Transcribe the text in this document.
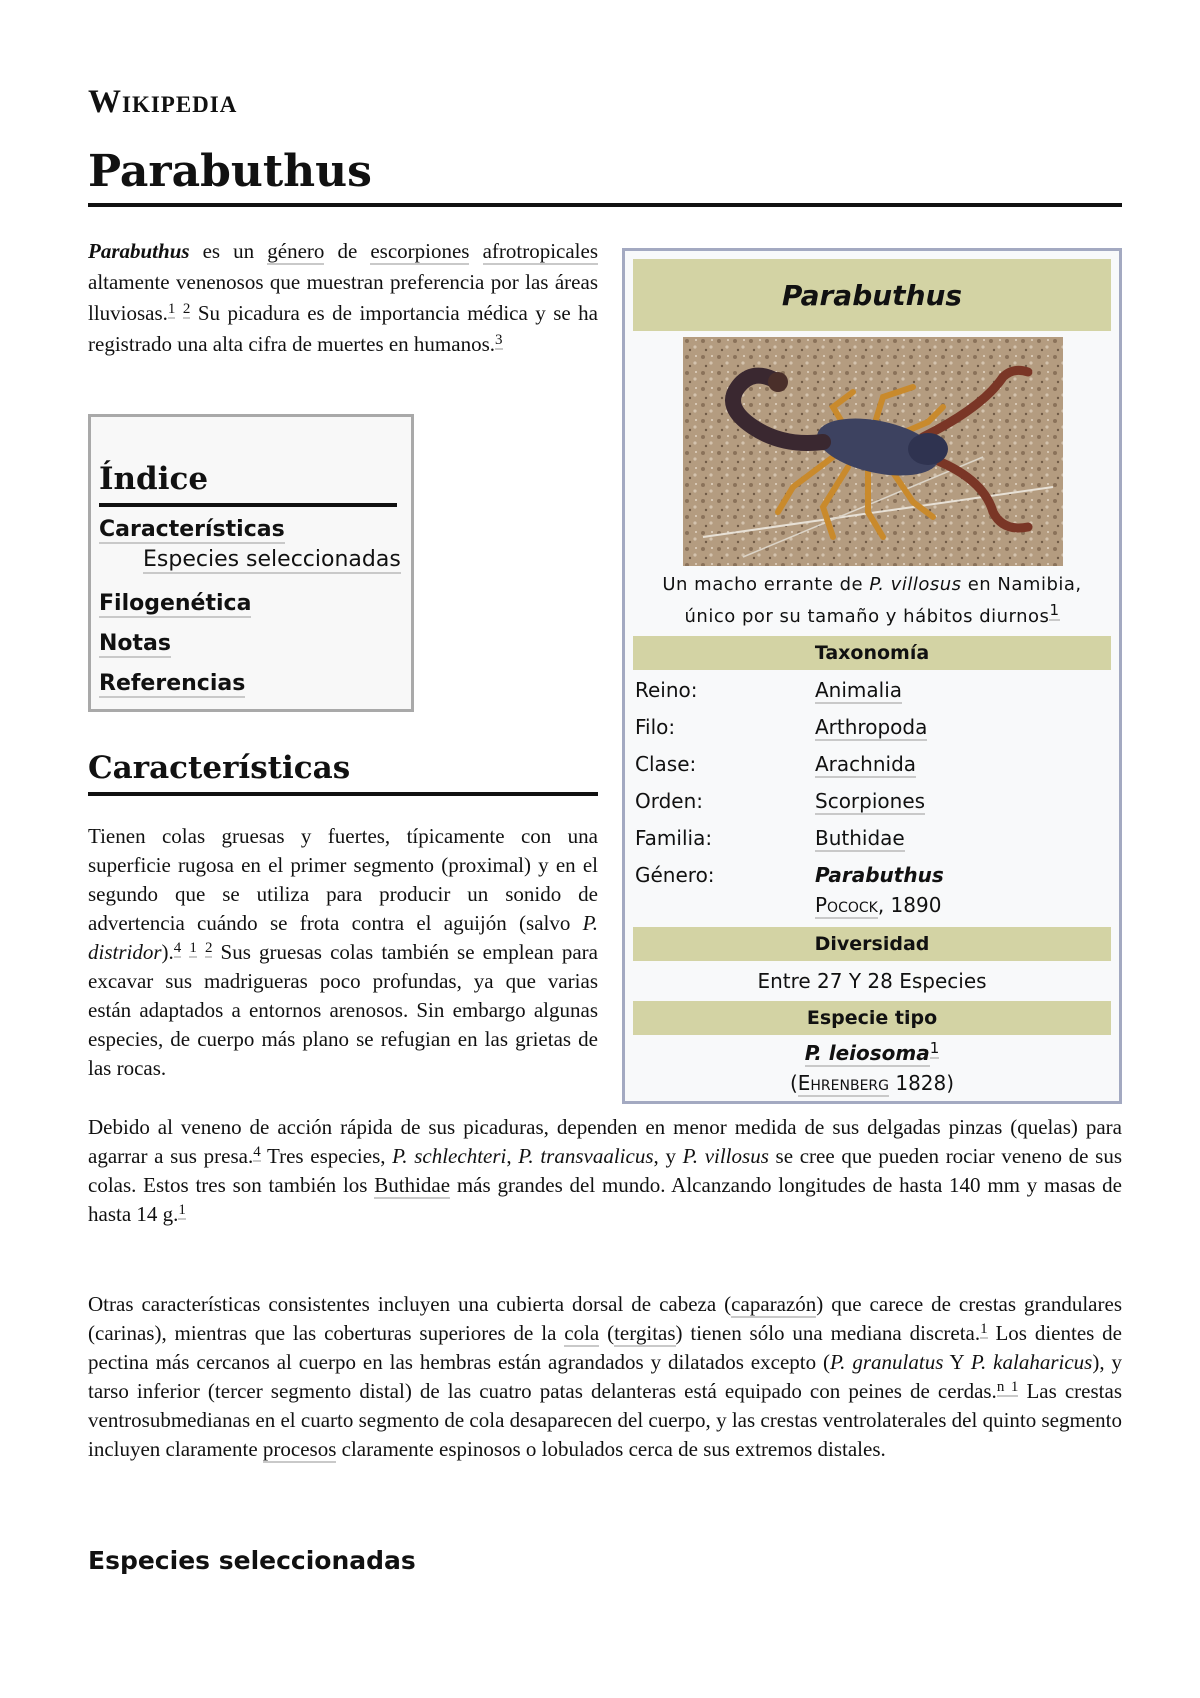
Wikipedia
Parabuthus
Parabuthus es un género de escorpiones afrotropicales altamente venenosos que muestran preferencia por las áreas lluviosas.$^1$ $^2$ Su picadura es de importancia médica y se ha registrado una alta cifra de muertes en humanos.$^3$
Índice
Características
Especies seleccionadas
Filogenética
Notas
Referencias
Características
Tienen colas gruesas y fuertes, típicamente con una superficie rugosa en el primer segmento (proximal) y en el segundo que se utiliza para producir un sonido de advertencia cuándo se frota contra el aguijón (salvo P. distridor).$^4$ $^1$ $^2$ Sus gruesas colas también se emplean para excavar sus madrigueras poco profundas, ya que varias están adaptados a entornos arenosos. Sin embargo algunas especies, de cuerpo más plano se refugian en las grietas de las rocas.
Debido al veneno de acción rápida de sus picaduras, dependen en menor medida de sus delgadas pinzas (quelas) para agarrar a sus presa.$^4$ Tres especies, P. schlechteri, P. transvaalicus, y P. villosus se cree que pueden rociar veneno de sus colas. Estos tres son también los Buthidae más grandes del mundo. Alcanzando longitudes de hasta 140 mm y masas de hasta 14 g.$^1$
Otras características consistentes incluyen una cubierta dorsal de cabeza (caparazón) que carece de crestas grandulares (carinas), mientras que las coberturas superiores de la cola (tergitas) tienen sólo una mediana discreta.$^1$ Los dientes de pectina más cercanos al cuerpo en las hembras están agrandados y dilatados excepto (P. granulatus Y P. kalaharicus), y tarso inferior (tercer segmento distal) de las cuatro patas delanteras está equipado con peines de cerdas.$^{n 1}$ Las crestas ventrosubmedianas en el cuarto segmento de cola desaparecen del cuerpo, y las crestas ventrolaterales del quinto segmento incluyen claramente procesos claramente espinosos o lobulados cerca de sus extremos distales.
Especies seleccionadas
Parabuthus
Un macho errante de P. villosus en Namibia,
único por su tamaño y hábitos diurnos$^1$
Taxonomía
Reino:	Animalia
Filo:	Arthropoda
Clase:	Arachnida
Orden:	Scorpiones
Familia:	Buthidae
Género:	Parabuthus
Pocock, 1890
Diversidad
Entre 27 Y 28 Especies
Especie tipo
P. leiosoma$^1$
(Ehrenberg 1828)
